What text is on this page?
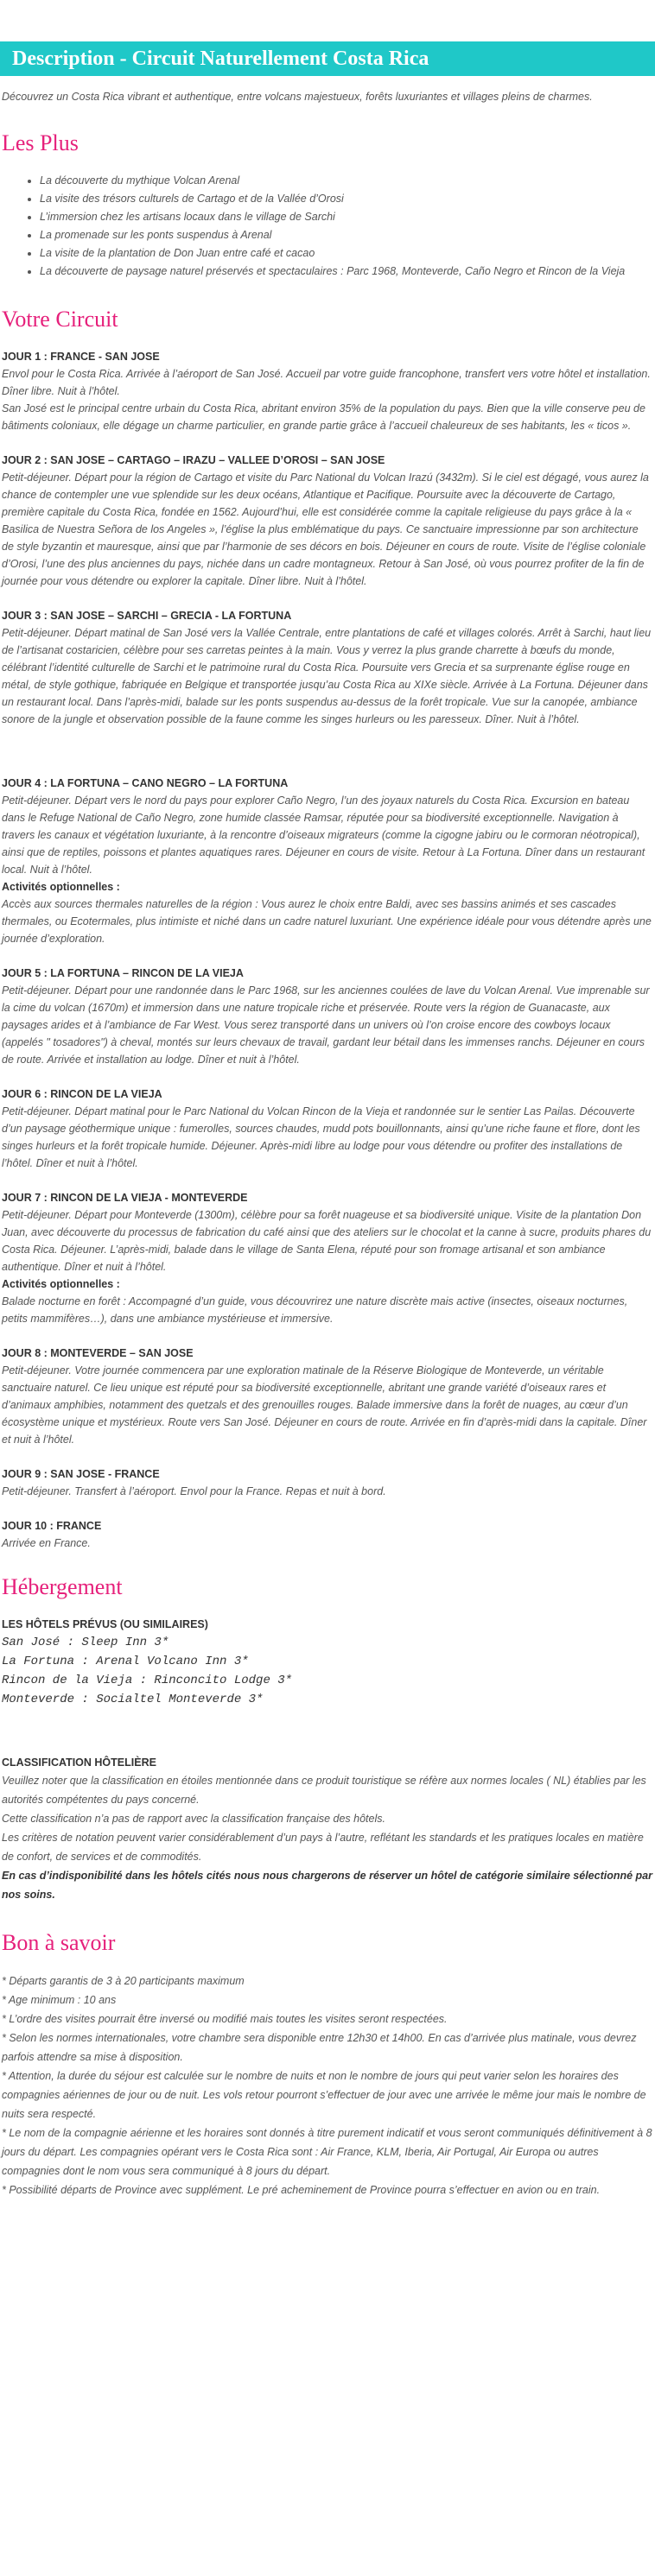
Description - Circuit Naturellement Costa Rica

Découvrez un Costa Rica vibrant et authentique, entre volcans majestueux, forêts luxuriantes et villages pleins de charmes.

Les Plus
• La découverte du mythique Volcan Arenal
• La visite des trésors culturels de Cartago et de la Vallée d’Orosi
• L’immersion chez les artisans locaux dans le village de Sarchi
• La promenade sur les ponts suspendus à Arenal
• La visite de la plantation de Don Juan entre café et cacao
• La découverte de paysage naturel préservés et spectaculaires : Parc 1968, Monteverde, Caño Negro et Rincon de la Vieja
Votre Circuit
JOUR 1 : FRANCE - SAN JOSE

Envol pour le Costa Rica. Arrivée à l’aéroport de San José. Accueil par votre guide francophone, transfert vers votre hôtel et installation. Dîner libre. Nuit à l’hôtel.

San José est le principal centre urbain du Costa Rica, abritant environ 35% de la population du pays. Bien que la ville conserve peu de bâtiments coloniaux, elle dégage un charme particulier, en grande partie grâce à l’accueil chaleureux de ses habitants, les « ticos ».

JOUR 2 : SAN JOSE – CARTAGO – IRAZU – VALLEE D’OROSI – SAN JOSE

Petit-déjeuner. Départ pour la région de Cartago et visite du Parc National du Volcan Irazú (3432m). Si le ciel est dégagé, vous aurez la chance de contempler une vue splendide sur les deux océans, Atlantique et Pacifique. Poursuite avec la découverte de Cartago, première capitale du Costa Rica, fondée en 1562. Aujourd’hui, elle est considérée comme la capitale religieuse du pays grâce à la « Basilica de Nuestra Señora de los Angeles », l’église la plus emblématique du pays. Ce sanctuaire impressionne par son architecture de style byzantin et mauresque, ainsi que par l’harmonie de ses décors en bois. Déjeuner en cours de route. Visite de l’église coloniale d’Orosi, l’une des plus anciennes du pays, nichée dans un cadre montagneux. Retour à San José, où vous pourrez profiter de la fin de journée pour vous détendre ou explorer la capitale. Dîner libre. Nuit à l’hôtel.

JOUR 3 : SAN JOSE – SARCHI – GRECIA - LA FORTUNA

Petit-déjeuner. Départ matinal de San José vers la Vallée Centrale, entre plantations de café et villages colorés. Arrêt à Sarchi, haut lieu de l’artisanat costaricien, célèbre pour ses carretas peintes à la main. Vous y verrez la plus grande charrette à bœufs du monde, célébrant l’identité culturelle de Sarchi et le patrimoine rural du Costa Rica. Poursuite vers Grecia et sa surprenante église rouge en métal, de style gothique, fabriquée en Belgique et transportée jusqu’au Costa Rica au XIXe siècle. Arrivée à La Fortuna. Déjeuner dans un restaurant local. Dans l’après-midi, balade sur les ponts suspendus au-dessus de la forêt tropicale. Vue sur la canopée, ambiance sonore de la jungle et observation possible de la faune comme les singes hurleurs ou les paresseux. Dîner. Nuit à l’hôtel.

JOUR 4 : LA FORTUNA – CANO NEGRO – LA FORTUNA

Petit-déjeuner. Départ vers le nord du pays pour explorer Caño Negro, l’un des joyaux naturels du Costa Rica. Excursion en bateau dans le Refuge National de Caño Negro, zone humide classée Ramsar, réputée pour sa biodiversité exceptionnelle. Navigation à travers les canaux et végétation luxuriante, à la rencontre d’oiseaux migrateurs (comme la cigogne jabiru ou le cormoran néotropical), ainsi que de reptiles, poissons et plantes aquatiques rares. Déjeuner en cours de visite. Retour à La Fortuna. Dîner dans un restaurant local. Nuit à l’hôtel.

Activités optionnelles :

Accès aux sources thermales naturelles de la région : Vous aurez le choix entre Baldi, avec ses bassins animés et ses cascades thermales, ou Ecotermales, plus intimiste et niché dans un cadre naturel luxuriant. Une expérience idéale pour vous détendre après une journée d’exploration.

JOUR 5 : LA FORTUNA – RINCON DE LA VIEJA

Petit-déjeuner. Départ pour une randonnée dans le Parc 1968, sur les anciennes coulées de lave du Volcan Arenal. Vue imprenable sur la cime du volcan (1670m) et immersion dans une nature tropicale riche et préservée. Route vers la région de Guanacaste, aux paysages arides et à l’ambiance de Far West. Vous serez transporté dans un univers où l’on croise encore des cowboys locaux (appelés " tosadores") à cheval, montés sur leurs chevaux de travail, gardant leur bétail dans les immenses ranchs. Déjeuner en cours de route. Arrivée et installation au lodge. Dîner et nuit à l’hôtel.

JOUR 6 : RINCON DE LA VIEJA

Petit-déjeuner. Départ matinal pour le Parc National du Volcan Rincon de la Vieja et randonnée sur le sentier Las Pailas. Découverte d’un paysage géothermique unique : fumerolles, sources chaudes, mudd pots bouillonnants, ainsi qu’une riche faune et flore, dont les singes hurleurs et la forêt tropicale humide. Déjeuner. Après-midi libre au lodge pour vous détendre ou profiter des installations de l’hôtel. Dîner et nuit à l’hôtel.

JOUR 7 : RINCON DE LA VIEJA - MONTEVERDE

Petit-déjeuner. Départ pour Monteverde (1300m), célèbre pour sa forêt nuageuse et sa biodiversité unique. Visite de la plantation Don Juan, avec découverte du processus de fabrication du café ainsi que des ateliers sur le chocolat et la canne à sucre, produits phares du Costa Rica. Déjeuner. L’après-midi, balade dans le village de Santa Elena, réputé pour son fromage artisanal et son ambiance authentique. Dîner et nuit à l’hôtel.

Activités optionnelles :

Balade nocturne en forêt : Accompagné d’un guide, vous découvrirez une nature discrète mais active (insectes, oiseaux nocturnes, petits mammifères…), dans une ambiance mystérieuse et immersive.

JOUR 8 : MONTEVERDE – SAN JOSE

Petit-déjeuner. Votre journée commencera par une exploration matinale de la Réserve Biologique de Monteverde, un véritable sanctuaire naturel. Ce lieu unique est réputé pour sa biodiversité exceptionnelle, abritant une grande variété d’oiseaux rares et d’animaux amphibies, notamment des quetzals et des grenouilles rouges. Balade immersive dans la forêt de nuages, au cœur d’un écosystème unique et mystérieux. Route vers San José. Déjeuner en cours de route. Arrivée en fin d’après-midi dans la capitale. Dîner et nuit à l’hôtel.

JOUR 9 : SAN JOSE - FRANCE

Petit-déjeuner. Transfert à l’aéroport. Envol pour la France. Repas et nuit à bord.

JOUR 10 : FRANCE

Arrivée en France.

Hébergement
LES HÔTELS PRÉVUS (OU SIMILAIRES)
San José : Sleep Inn 3*
La Fortuna : Arenal Volcano Inn 3*
Rincon de la Vieja : Rinconcito Lodge 3*
Monteverde : Socialtel Monteverde 3*
CLASSIFICATION HÔTELIÈRE

Veuillez noter que la classification en étoiles mentionnée dans ce produit touristique se réfère aux normes locales ( NL) établies par les autorités compétentes du pays concerné.

Cette classification n’a pas de rapport avec la classification française des hôtels.

Les critères de notation peuvent varier considérablement d’un pays à l’autre, reflétant les standards et les pratiques locales en matière de confort, de services et de commodités.

En cas d’indisponibilité dans les hôtels cités nous nous chargerons de réserver un hôtel de catégorie similaire sélectionné par nos soins.

Bon à savoir

* Départs garantis de 3 à 20 participants maximum

* Age minimum : 10 ans

* L’ordre des visites pourrait être inversé ou modifié mais toutes les visites seront respectées.

* Selon les normes internationales, votre chambre sera disponible entre 12h30 et 14h00. En cas d’arrivée plus matinale, vous devrez parfois attendre sa mise à disposition.

* Attention, la durée du séjour est calculée sur le nombre de nuits et non le nombre de jours qui peut varier selon les horaires des compagnies aériennes de jour ou de nuit. Les vols retour pourront s’effectuer de jour avec une arrivée le même jour mais le nombre de nuits sera respecté.

* Le nom de la compagnie aérienne et les horaires sont donnés à titre purement indicatif et vous seront communiqués définitivement à 8 jours du départ. Les compagnies opérant vers le Costa Rica sont : Air France, KLM, Iberia, Air Portugal, Air Europa ou autres compagnies dont le nom vous sera communiqué à 8 jours du départ.

* Possibilité départs de Province avec supplément. Le pré acheminement de Province pourra s’effectuer en avion ou en train.
